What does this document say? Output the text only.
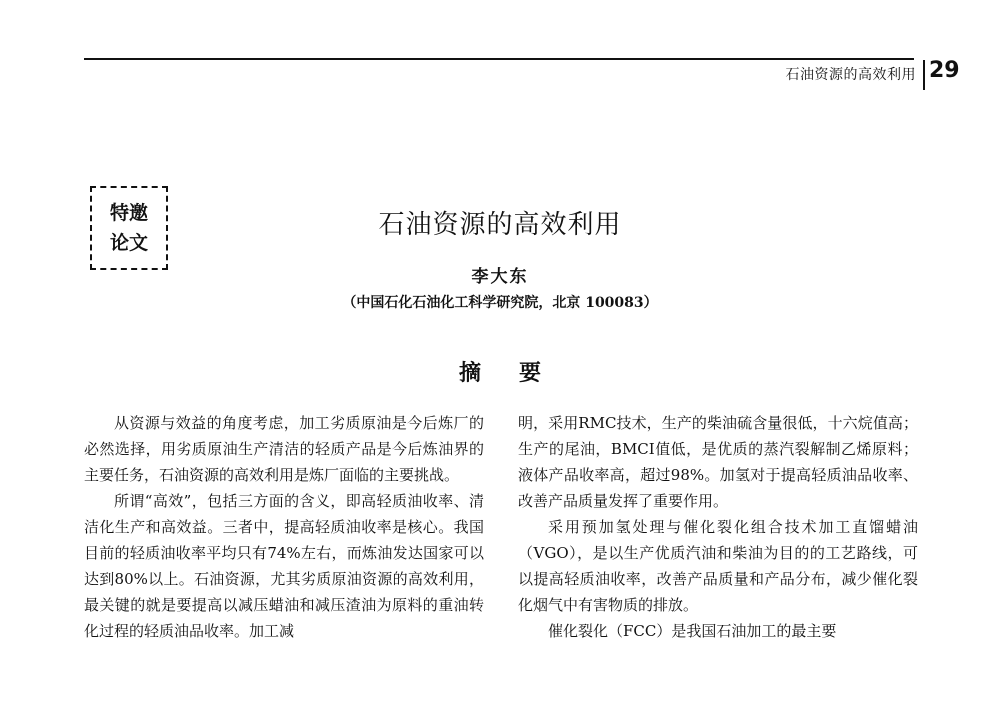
石油资源的高效利用 29
特邀
论文
石油资源的高效利用
李大东
（中国石化石油化工科学研究院，北京 100083）
摘要

从资源与效益的角度考虑，加工劣质原油是今后炼厂的必然选择，用劣质原油生产清洁的轻质产品是今后炼油界的主要任务，石油资源的高效利用是炼厂面临的主要挑战。

所谓“高效”，包括三方面的含义，即高轻质油收率、清洁化生产和高效益。三者中，提高轻质油收率是核心。我国目前的轻质油收率平均只有74%左右，而炼油发达国家可以达到80%以上。石油资源，尤其劣质原油资源的高效利用，最关键的就是要提高以减压蜡油和减压渣油为原料的重油转化过程的轻质油品收率。加工减

明，采用RMC技术，生产的柴油硫含量很低，十六烷值高；生产的尾油，BMCI值低，是优质的蒸汽裂解制乙烯原料；液体产品收率高，超过98%。加氢对于提高轻质油品收率、改善产品质量发挥了重要作用。

采用预加氢处理与催化裂化组合技术加工直馏蜡油（VGO），是以生产优质汽油和柴油为目的的工艺路线，可以提高轻质油收率，改善产品质量和产品分布，减少催化裂化烟气中有害物质的排放。

催化裂化（FCC）是我国石油加工的最主要
